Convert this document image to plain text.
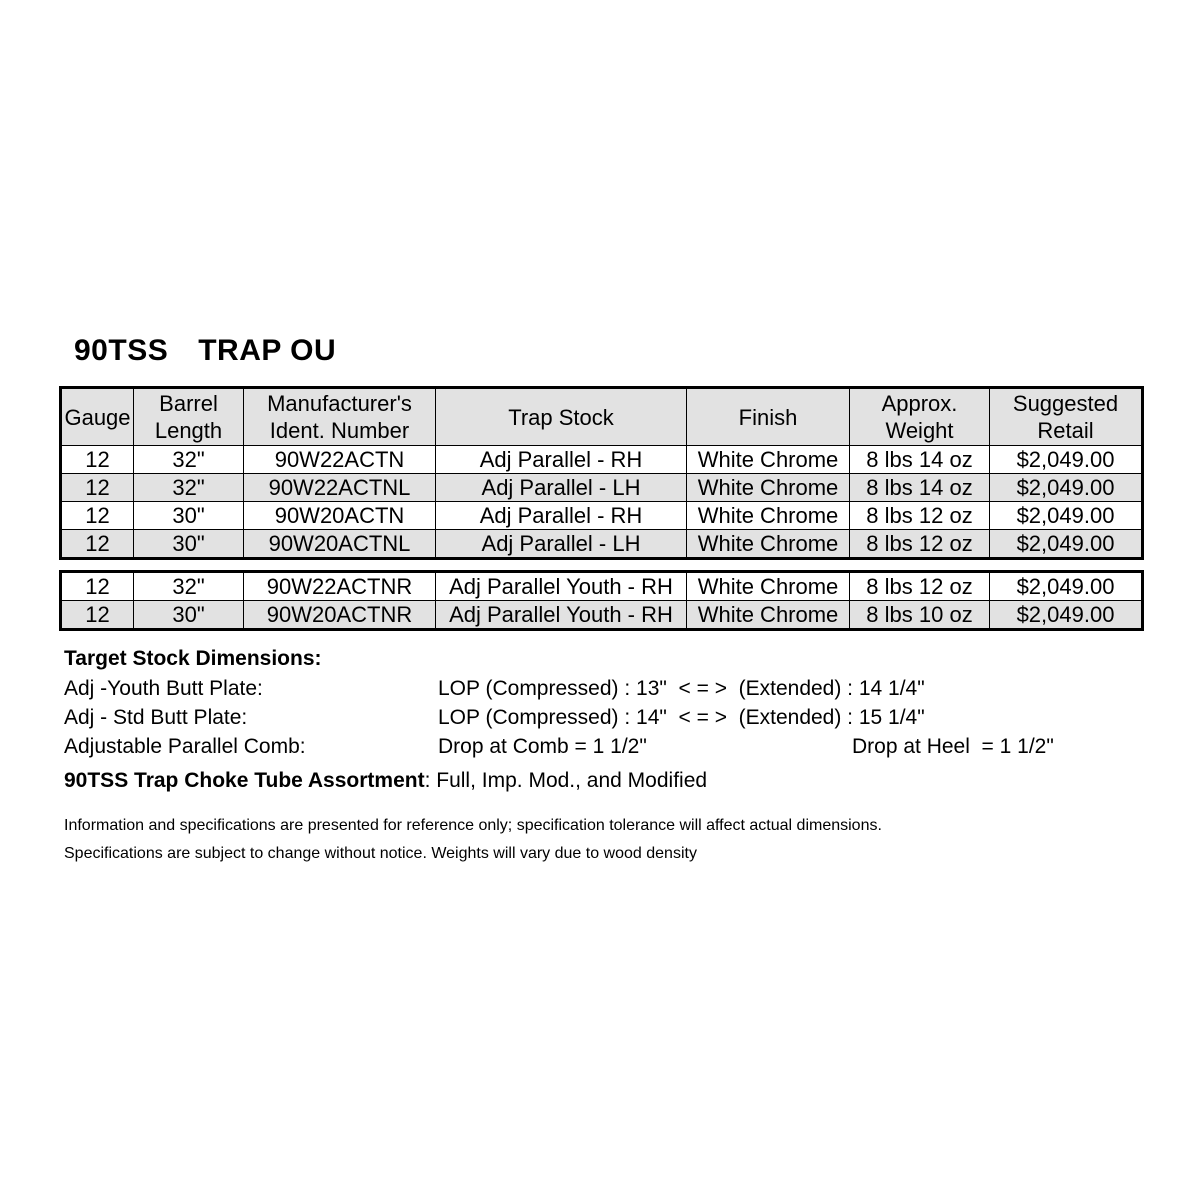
90TSS TRAP OU
Gauge	Barrel Length	Manufacturer's Ident. Number	Trap Stock	Finish	Approx. Weight	Suggested Retail
12	32"	90W22ACTN	Adj Parallel - RH	White Chrome	8 lbs 14 oz	$2,049.00
12	32"	90W22ACTNL	Adj Parallel - LH	White Chrome	8 lbs 14 oz	$2,049.00
12	30"	90W20ACTN	Adj Parallel - RH	White Chrome	8 lbs 12 oz	$2,049.00
12	30"	90W20ACTNL	Adj Parallel - LH	White Chrome	8 lbs 12 oz	$2,049.00
12	32"	90W22ACTNR	Adj Parallel Youth - RH	White Chrome	8 lbs 12 oz	$2,049.00
12	30"	90W20ACTNR	Adj Parallel Youth - RH	White Chrome	8 lbs 10 oz	$2,049.00
Target Stock Dimensions:
Adj -Youth Butt Plate:	LOP (Compressed) : 13"  < = >  (Extended) : 14 1/4"
Adj - Std Butt Plate:	LOP (Compressed) : 14"  < = >  (Extended) : 15 1/4"
Adjustable Parallel Comb:	Drop at Comb = 1 1/2"	Drop at Heel  = 1 1/2"
90TSS Trap Choke Tube Assortment: Full, Imp. Mod., and Modified
Information and specifications are presented for reference only; specification tolerance will affect actual dimensions.
Specifications are subject to change without notice. Weights will vary due to wood density
